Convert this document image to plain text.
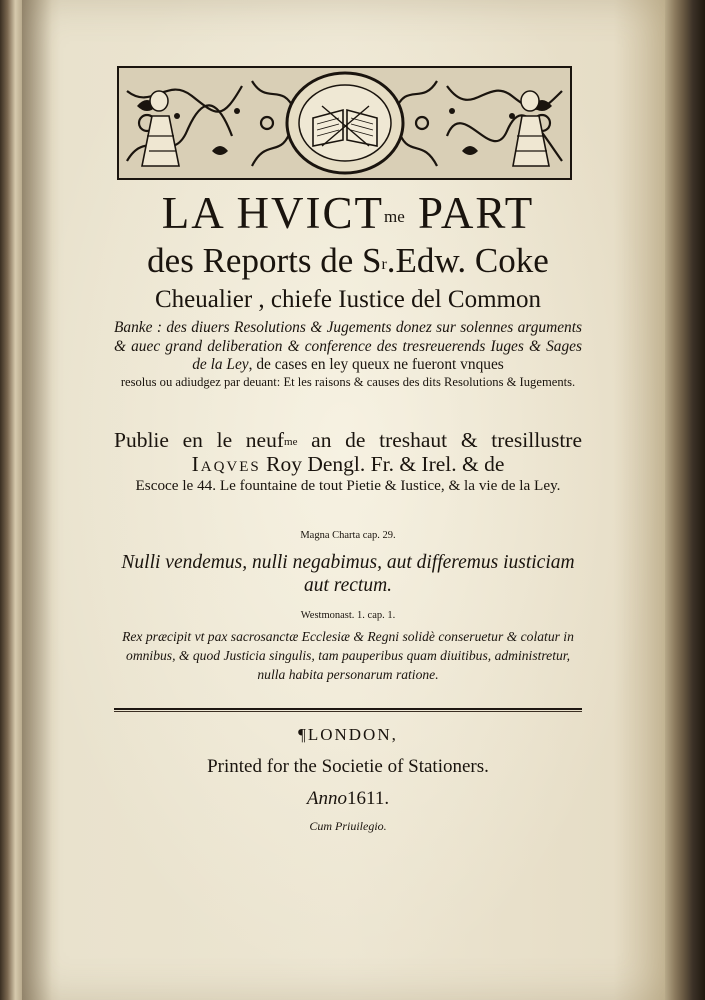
LA $HVICT^{me}$ PART
des Reports de $S^r.Edw$. Coke
Cheualier , chiefe Iustice del Common
Banke : des diuers Resolutions & Jugements donez sur solennes arguments & auec grand deliberation & conference des tresreuerends Iuges & Sages de la Ley, de cases en ley queux ne fueront vnques
resolus ou adiudgez par deuant: Et les raisons & causes des dits Resolutions & Iugements.
Publie en le neuf$^{me}$ an de treshaut & tresillustre Iaqves Roy Dengl. Fr. & Irel. & de
Escoce le 44. Le fountaine de tout Pietie & Iustice, & la vie de la Ley.
Magna Charta cap. 29.
Nulli vendemus, nulli negabimus, aut differemus iusticiam aut rectum.
Westmonast. 1. cap. 1.
Rex præcipit vt pax sacrosanctæ Ecclesiæ & Regni solidè conseruetur & colatur in omnibus, & quod Justicia singulis, tam pauperibus quam diuitibus, administretur, nulla habita personarum ratione.
¶LONDON,
Printed for the Societie of Stationers.
Anno1611.
Cum Priuilegio.
